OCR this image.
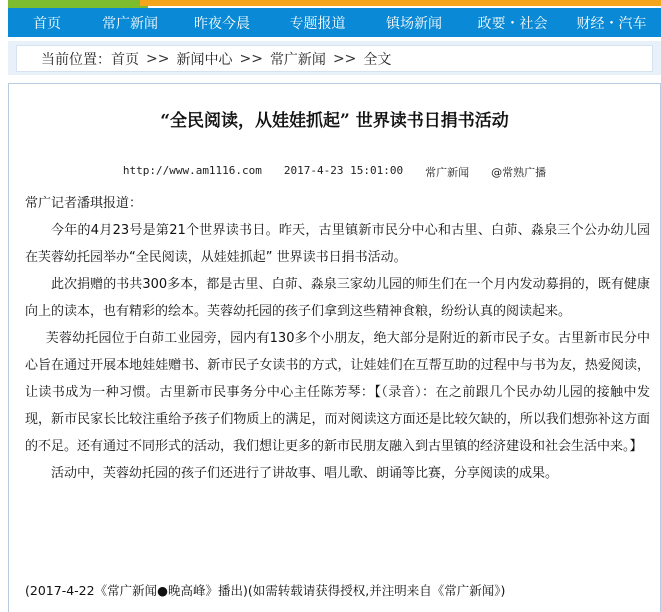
首页	常广新闻	昨夜今晨	专题报道	镇场新闻	政要・社会	财经・汽车
当前位置： 首页 >> 新闻中心 >> 常广新闻 >> 全文
“全民阅读，从娃娃抓起” 世界读书日捐书活动
http://www.am1116.com 2017-4-23 15:01:00 常广新闻 @常熟广播

常广记者潘琪报道：

今年的4月23号是第21个世界读书日。昨天，古里镇新市民分中心和古里、白茆、淼泉三个公办幼儿园在芙蓉幼托园举办“全民阅读，从娃娃抓起” 世界读书日捐书活动。

此次捐赠的书共300多本，都是古里、白茆、淼泉三家幼儿园的师生们在一个月内发动募捐的，既有健康向上的读本，也有精彩的绘本。芙蓉幼托园的孩子们拿到这些精神食粮，纷纷认真的阅读起来。

芙蓉幼托园位于白茆工业园旁，园内有130多个小朋友，绝大部分是附近的新市民子女。古里新市民分中心旨在通过开展本地娃娃赠书、新市民子女读书的方式，让娃娃们在互帮互助的过程中与书为友，热爱阅读，让读书成为一种习惯。古里新市民事务分中心主任陈芳琴：【（录音）：在之前跟几个民办幼儿园的接触中发现，新市民家长比较注重给予孩子们物质上的满足，而对阅读这方面还是比较欠缺的，所以我们想弥补这方面的不足。还有通过不同形式的活动，我们想让更多的新市民朋友融入到古里镇的经济建设和社会生活中来。】

活动中，芙蓉幼托园的孩子们还进行了讲故事、唱儿歌、朗诵等比赛，分享阅读的成果。

(2017-4-22《常广新闻●晚高峰》播出)(如需转载请获得授权,并注明来自《常广新闻》)
